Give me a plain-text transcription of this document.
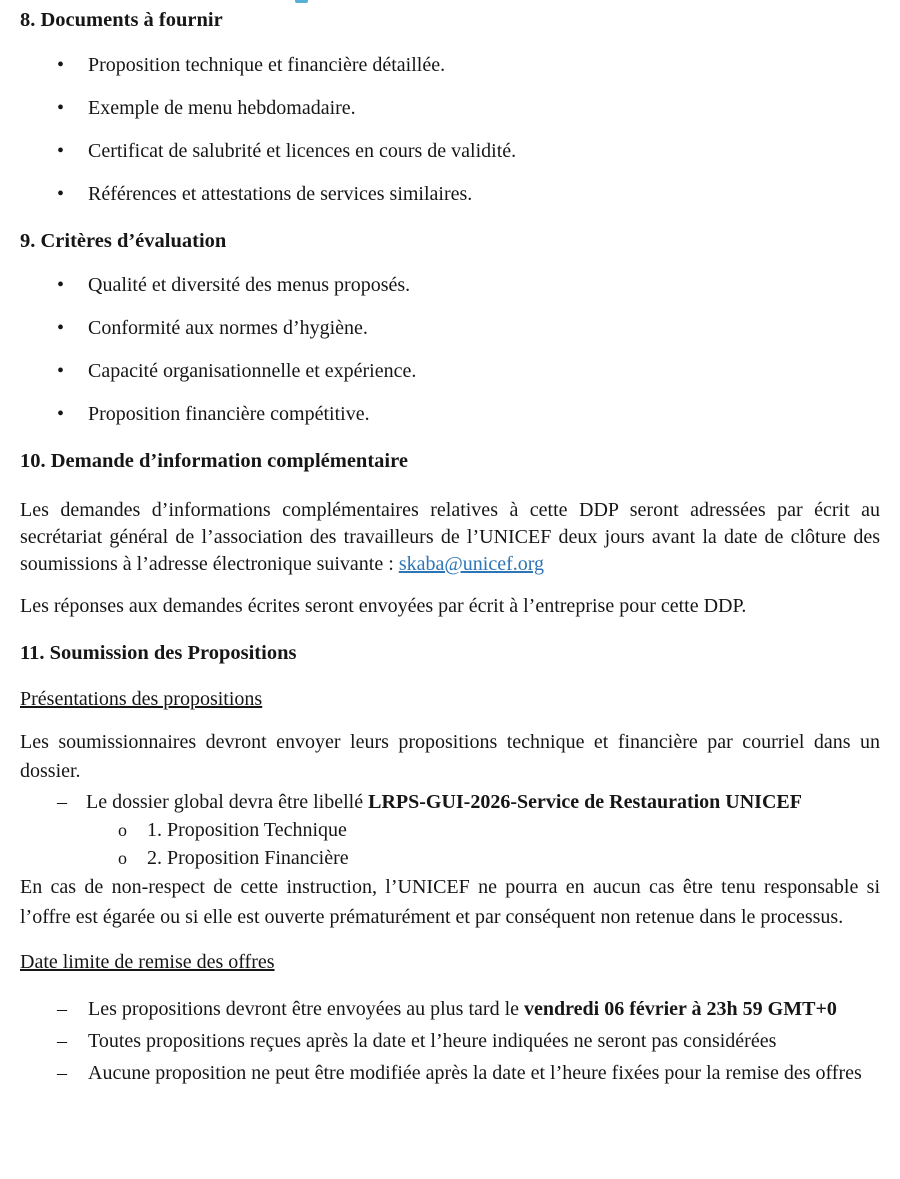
8. Documents à fournir
• Proposition technique et financière détaillée.
• Exemple de menu hebdomadaire.
• Certificat de salubrité et licences en cours de validité.
• Références et attestations de services similaires.
9. Critères d’évaluation
• Qualité et diversité des menus proposés.
• Conformité aux normes d’hygiène.
• Capacité organisationnelle et expérience.
• Proposition financière compétitive.
10. Demande d’information complémentaire

Les demandes d’informations complémentaires relatives à cette DDP seront adressées par écrit au secrétariat général de l’association des travailleurs de l’UNICEF deux jours avant la date de clôture des soumissions à l’adresse électronique suivante : skaba@unicef.org

Les réponses aux demandes écrites seront envoyées par écrit à l’entreprise pour cette DDP.

11. Soumission des Propositions

Présentations des propositions

Les soumissionnaires devront envoyer leurs propositions technique et financière par courriel dans un dossier.

– Le dossier global devra être libellé LRPS-GUI-2026-Service de Restauration UNICEF
o 1. Proposition Technique
o 2. Proposition Financière

En cas de non-respect de cette instruction, l’UNICEF ne pourra en aucun cas être tenu responsable si l’offre est égarée ou si elle est ouverte prématurément et par conséquent non retenue dans le processus.

Date limite de remise des offres

– Les propositions devront être envoyées au plus tard le vendredi 06 février à 23h 59 GMT+0
– Toutes propositions reçues après la date et l’heure indiquées ne seront pas considérées
– Aucune proposition ne peut être modifiée après la date et l’heure fixées pour la remise des offres
